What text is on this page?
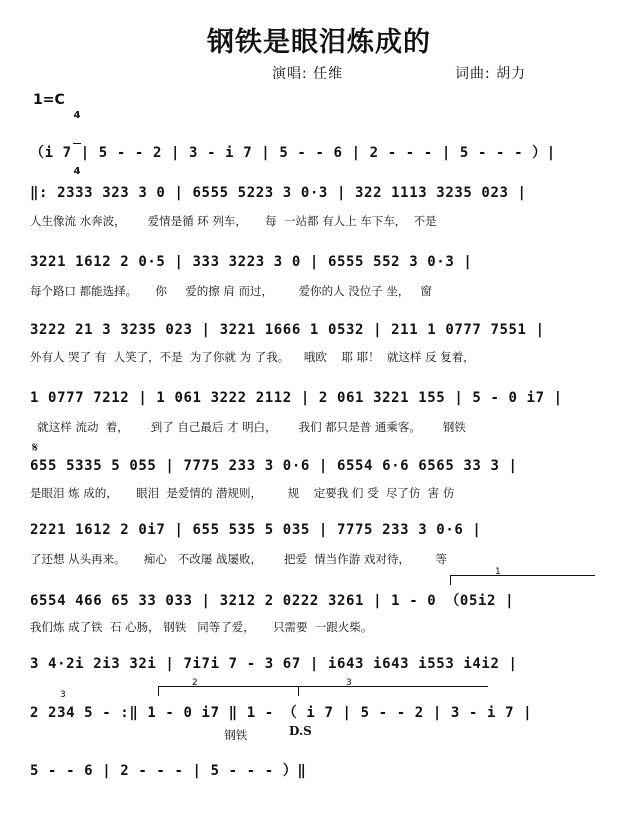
钢铁是眼泪炼成的
演唱: 任维	词曲: 胡力
1=C

4

4

（i 7 | 5 - - 2 | 3 - i 7 | 5 - - 6 | 2 - - - | 5 - - - ）|
‖: 2333 323 3 0 | 6555 5223 3 0·3 | 322 1113 3235 023 |
人生像流 水奔波，      爱情是循 环 列车，     每  一站都 有人上 车下车，  不是
3221 1612 2 0·5 | 333 3223 3 0 | 6555 552 3 0·3 |
每个路口 都能选择。     你     爱的擦 肩 而过，       爱你的人 没位子 坐，   窗
3222 21 3 3235 023 | 3221 1666 1 0532 | 211 1 0777 7551 |
外有人 哭了 有  人笑了，不是  为了你就 为 了我。    哦欧    耶 耶！  就这样 反 复着，
1 0777 7212 | 1 061 3222 2112 | 2 061 3221 155 | 5 - 0 i7 |
就这样 流动  着，      到了 自己最后 才 明白，      我们 都只是普 通乘客。      钢铁
𝄋
655 5335 5 055 | 7775 233 3 0·6 | 6554 6·6 6565 33 3 |
是眼泪 炼 成的，     眼泪  是爱情的 潜规则，       规    定要我 们 受  尽了仿  害 仿
2221 1612 2 0i7 | 655 535 5 035 | 7775 233 3 0·6 |
了还想 从头再来。     痴心   不改屡 战屡败，      把爱  情当作游 戏对待，       等
1
6554 466 65 33 033 | 3212 2 0222 3261 | 1 - 0 （05i2 |
我们炼 成了铁  石 心肠， 钢铁   同等了爱，     只需要  一跟火柴。
3 4·2i 2i3 32i | 7i7i 7 - 3 67 | i643 i643 i553 i4i2 |
2	3
3
2 234 5 - :‖ 1 - 0 i7 ‖ 1 - （ i 7 | 5 - - 2 | 3 - i 7 |
钢铁	D.S
5 - - 6 | 2 - - - | 5 - - - ）‖
